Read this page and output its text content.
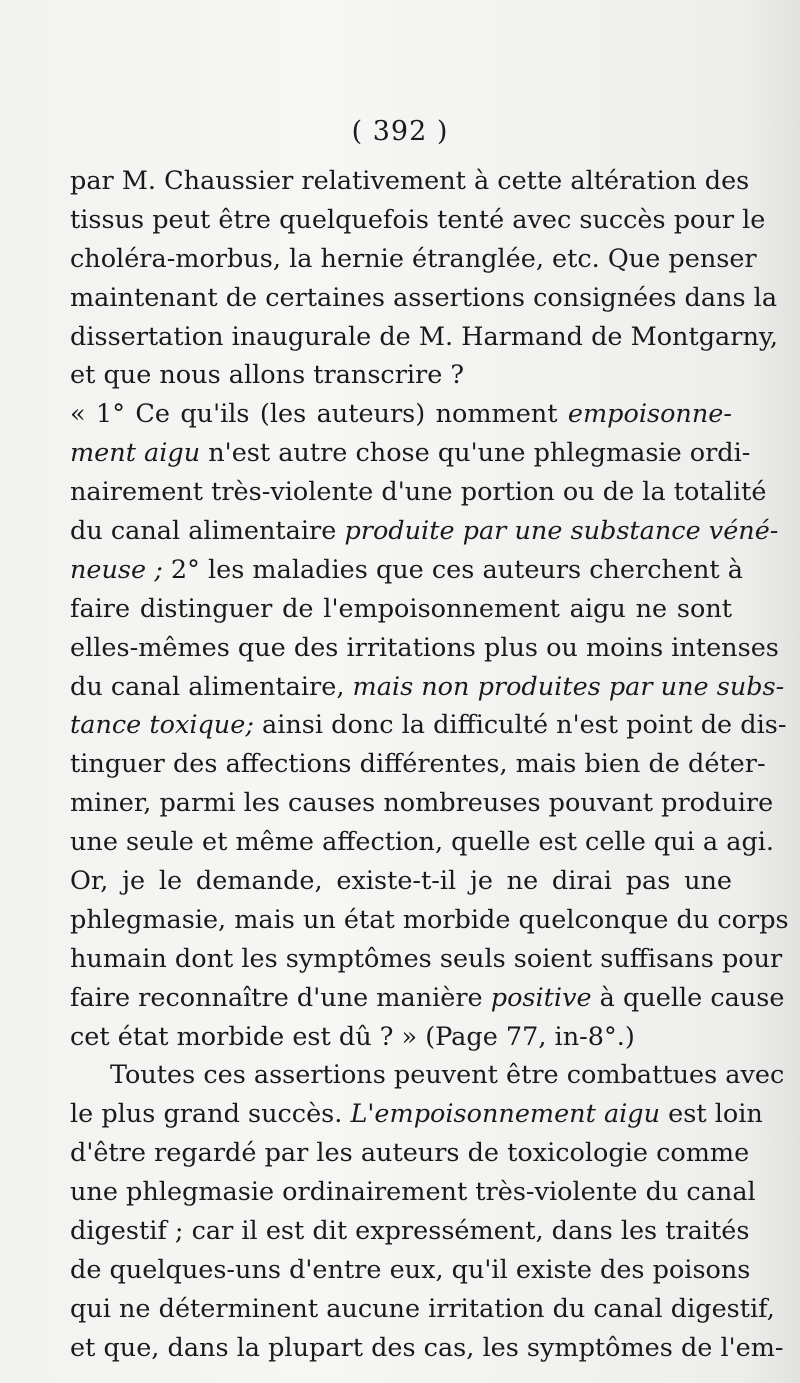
( 392 )
par M. Chaussier relativement à cette altération des
tissus peut être quelquefois tenté avec succès pour le
choléra-morbus, la hernie étranglée, etc. Que penser
maintenant de certaines assertions consignées dans la
dissertation inaugurale de M. Harmand de Montgarny,
et que nous allons transcrire ?
« 1° Ce qu'ils (les auteurs) nomment empoisonne-
ment aigu n'est autre chose qu'une phlegmasie ordi-
nairement très-violente d'une portion ou de la totalité
du canal alimentaire produite par une substance véné-
neuse ; 2° les maladies que ces auteurs cherchent à
faire distinguer de l'empoisonnement aigu ne sont
elles-mêmes que des irritations plus ou moins intenses
du canal alimentaire, mais non produites par une subs-
tance toxique; ainsi donc la difficulté n'est point de dis-
tinguer des affections différentes, mais bien de déter-
miner, parmi les causes nombreuses pouvant produire
une seule et même affection, quelle est celle qui a agi.
Or, je le demande, existe-t-il je ne dirai pas une
phlegmasie, mais un état morbide quelconque du corps
humain dont les symptômes seuls soient suffisans pour
faire reconnaître d'une manière positive à quelle cause
cet état morbide est dû ? » (Page 77, in-8°.)
Toutes ces assertions peuvent être combattues avec
le plus grand succès. L'empoisonnement aigu est loin
d'être regardé par les auteurs de toxicologie comme
une phlegmasie ordinairement très-violente du canal
digestif ; car il est dit expressément, dans les traités
de quelques-uns d'entre eux, qu'il existe des poisons
qui ne déterminent aucune irritation du canal digestif,
et que, dans la plupart des cas, les symptômes de l'em-
